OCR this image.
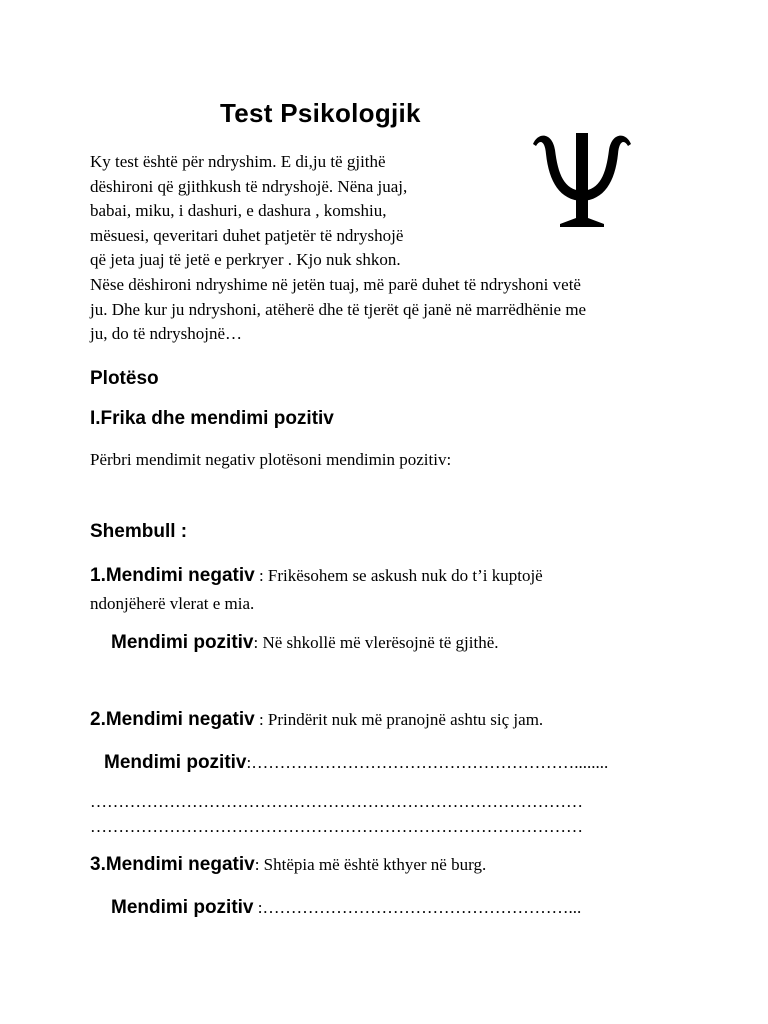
Test Psikologjik
Ky test është për ndryshim. E di,ju të gjithë
dëshironi që gjithkush të ndryshojë. Nëna juaj,
babai, miku, i dashuri, e dashura , komshiu,
mësuesi, qeveritari duhet patjetër të ndryshojë
që jeta juaj të jetë e perkryer . Kjo nuk shkon.
Nëse dëshironi ndryshime në jetën tuaj, më parë duhet të ndryshoni vetë
ju. Dhe kur ju ndryshoni, atëherë dhe të tjerët që janë në marrëdhënie me
ju, do të ndryshojnë…
Plotëso
I.Frika dhe mendimi pozitiv
Përbri mendimit negativ plotësoni mendimin pozitiv:
Shembull :
1.Mendimi negativ : Frikësohem se askush nuk do t’i kuptojë
ndonjëherë vlerat e mia.
Mendimi pozitiv: Në shkollë më vlerësojnë të gjithë.
2.Mendimi negativ : Prindërit nuk më pranojnë ashtu siç jam.
Mendimi pozitiv:…………………………………………………........
……………………………………………………………………………
……………………………………………………………………………
3.Mendimi negativ: Shtëpia më është kthyer në burg.
Mendimi pozitiv :………………………………………………...
